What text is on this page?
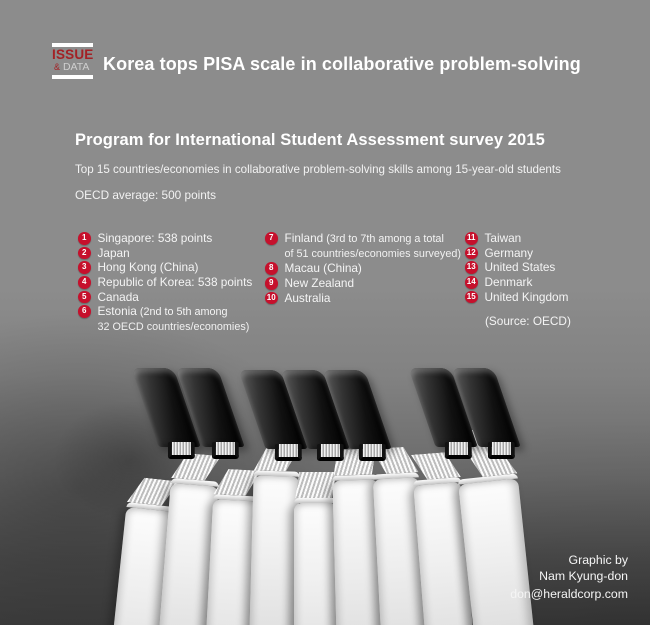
ISSUE
& DATA Korea tops PISA scale in collaborative problem-solving
Program for International Student Assessment survey 2015
Top 15 countries/economies in collaborative problem-solving skills among 15-year-old students
OECD average: 500 points
1 Singapore: 538 points
2 Japan
3 Hong Kong (China)
4 Republic of Korea: 538 points
5 Canada
6 Estonia (2nd to 5th among
32 OECD countries/economies)
7 Finland (3rd to 7th among a total
of 51 countries/economies surveyed)
8 Macau (China)
9 New Zealand
10 Australia
11 Taiwan
12 Germany
13 United States
14 Denmark
15 United Kingdom
(Source: OECD)
Graphic by
Nam Kyung-don
don@heraldcorp.com
